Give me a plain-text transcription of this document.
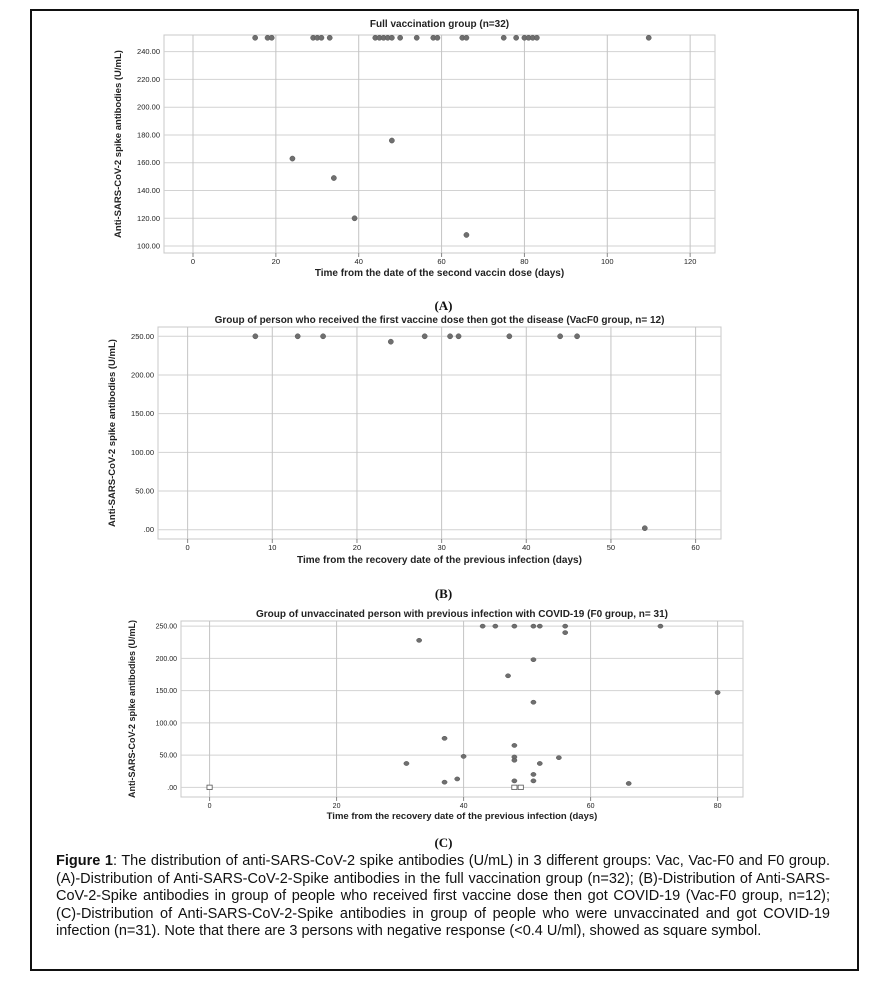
100.00
120.00
140.00
160.00
180.00
200.00
220.00
240.00
0	20	40	60	80	100	120
Full vaccination group (n=32)
Time from the date of the second vaccin dose (days)
Anti-SARS-CoV-2 spike antibodies (U/mL)
(A)
.00
50.00
100.00
150.00
200.00
250.00
0	10	20	30	40	50	60
Group of person who received the first vaccine dose then got the disease (VacF0 group, n= 12)
Time from the recovery date of the previous infection (days)
Anti-SARS-CoV-2 spike antibodies (U/mL)
(B)
.00
50.00
100.00
150.00
200.00
250.00
0	20	40	60	80
Group of unvaccinated person with previous infection with COVID-19 (F0 group, n= 31)
Time from the recovery date of the previous infection (days)
Anti-SARS-CoV-2 spike antibodies (U/mL)
(C)
Figure 1: The distribution of anti-SARS-CoV-2 spike antibodies (U/mL) in 3 different groups: Vac, Vac-F0 and F0 group. (A)-Distribution of Anti-SARS-CoV-2-Spike antibodies in the full vaccination group (n=32); (B)-Distribution of Anti-SARS-CoV-2-Spike antibodies in group of people who received first vaccine dose then got COVID-19 (Vac-F0 group, n=12); (C)-Distribution of Anti-SARS-CoV-2-Spike antibodies in group of people who were unvaccinated and got COVID-19 infection (n=31). Note that there are 3 persons with negative response (<0.4 U/ml), showed as square symbol.
